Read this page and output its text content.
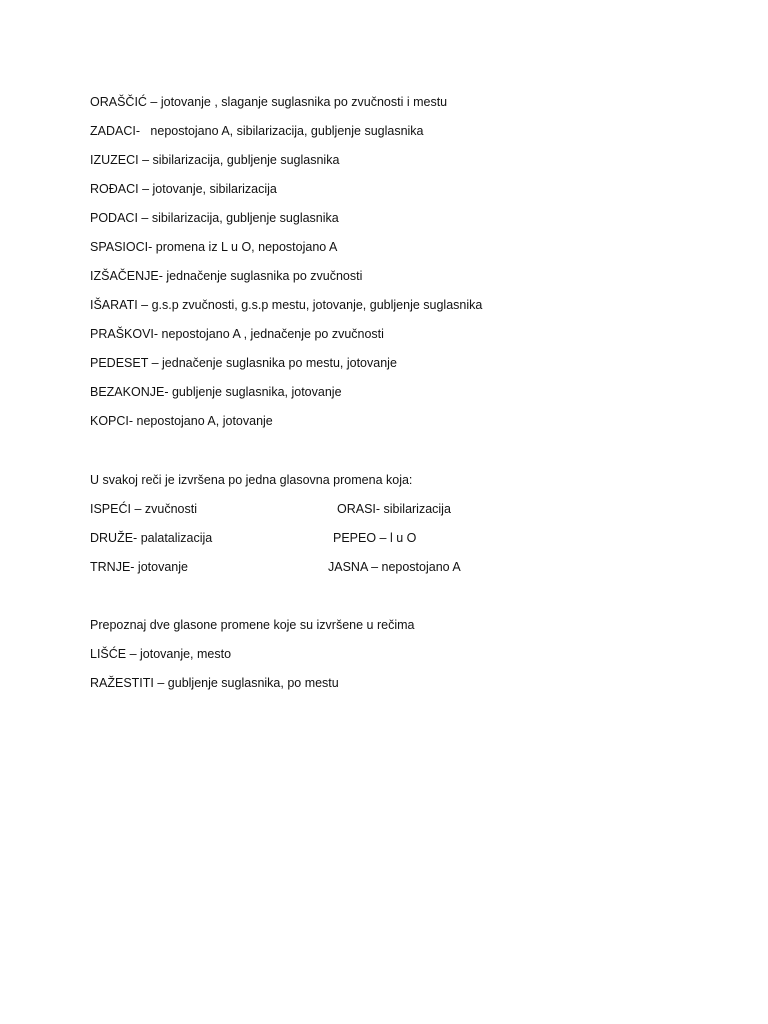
ORAŠČIĆ – jotovanje , slaganje suglasnika po zvučnosti i mestu
ZADACI-   nepostojano A, sibilarizacija, gubljenje suglasnika
IZUZECI – sibilarizacija, gubljenje suglasnika
ROĐACI – jotovanje, sibilarizacija
PODACI – sibilarizacija, gubljenje suglasnika
SPASIOCI- promena iz L u O, nepostojano A
IZŠAČENJE- jednačenje suglasnika po zvučnosti
IŠARATI – g.s.p zvučnosti, g.s.p mestu, jotovanje, gubljenje suglasnika
PRAŠKOVI- nepostojano A , jednačenje po zvučnosti
PEDESET – jednačenje suglasnika po mestu, jotovanje
BEZAKONJE- gubljenje suglasnika, jotovanje
KOPCI- nepostojano A, jotovanje
U svakoj reči je izvršena po jedna glasovna promena koja:
ISPEĆI – zvučnosti	ORASI- sibilarizacija
DRUŽE- palatalizacija	PEPEO – l u O
TRNJE- jotovanje	JASNA – nepostojano A
Prepoznaj dve glasone promene koje su izvršene u rečima
LIŠĆE – jotovanje, mesto
RAŽESTITI – gubljenje suglasnika, po mestu
